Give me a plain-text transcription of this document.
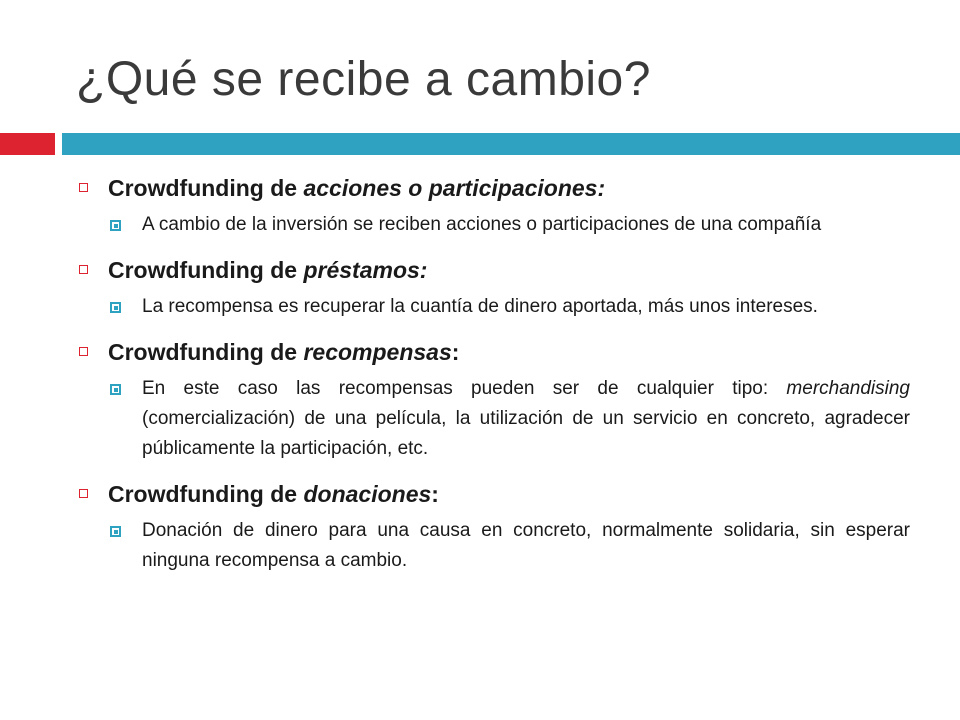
¿Qué se recibe a cambio?

Crowdfunding de acciones o participaciones:

A cambio de la inversión se reciben acciones o participaciones de una compañía

Crowdfunding de préstamos:

La recompensa es recuperar la cuantía de dinero aportada, más unos intereses.

Crowdfunding de recompensas:

En este caso las recompensas pueden ser de cualquier tipo: merchandising (comercialización) de una película, la utilización de un servicio en concreto, agradecer públicamente la participación, etc.

Crowdfunding de donaciones:

Donación de dinero para una causa en concreto, normalmente solidaria, sin esperar ninguna recompensa a cambio.
